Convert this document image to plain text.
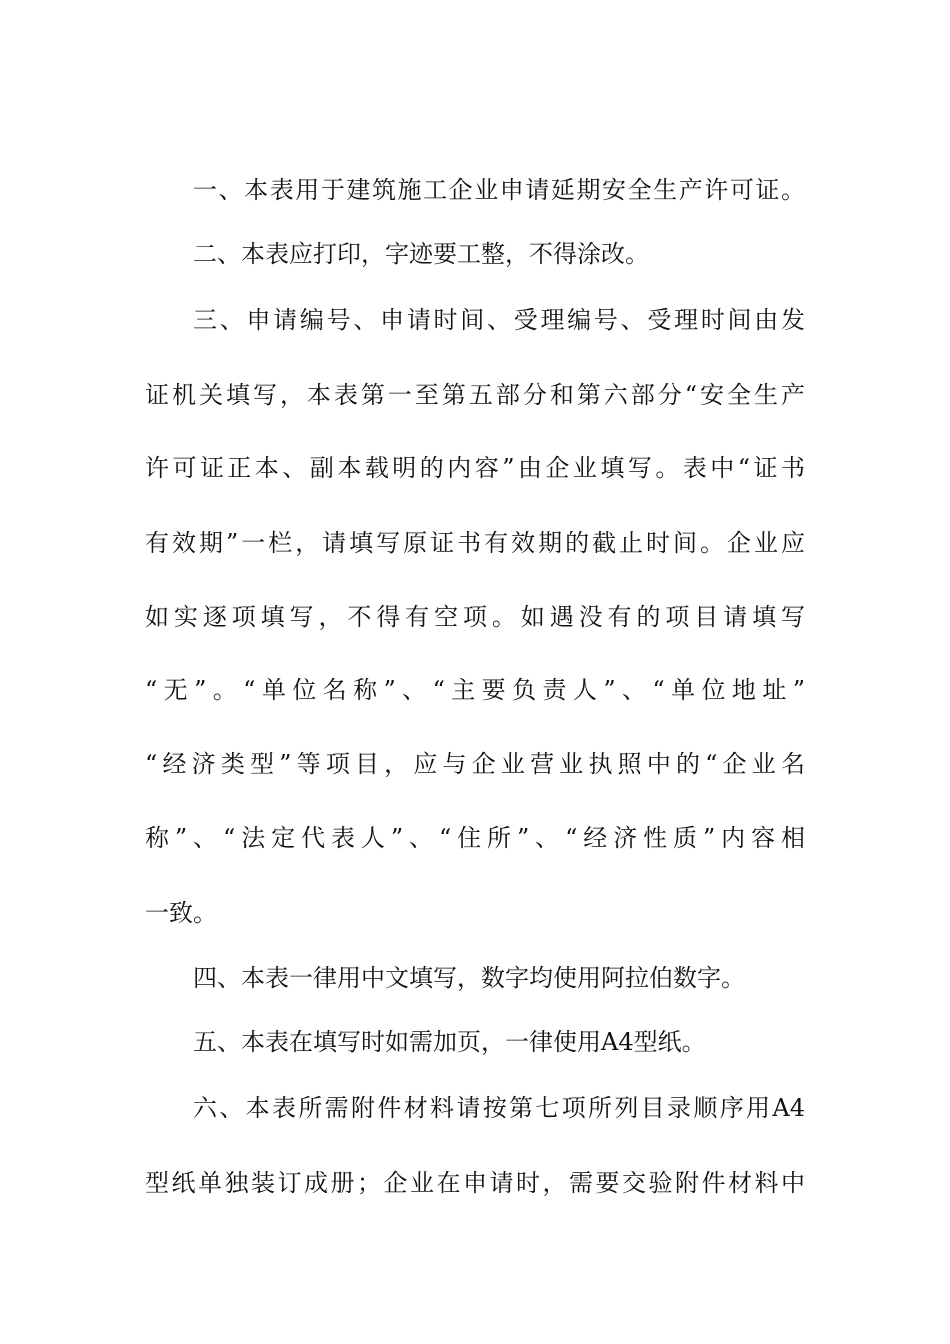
一、本表用于建筑施工企业申请延期安全生产许可证。
二、本表应打印，字迹要工整，不得涂改。
三、申请编号、申请时间、受理编号、受理时间由发
证机关填写，本表第一至第五部分和第六部分“安全生产
许可证正本、副本载明的内容”由企业填写。表中“证书
有效期”一栏，请填写原证书有效期的截止时间。企业应
如实逐项填写，不得有空项。如遇没有的项目请填写
“无”。“单位名称”、“主要负责人”、“单位地址”
“经济类型”等项目，应与企业营业执照中的“企业名
称”、“法定代表人”、“住所”、“经济性质”内容相
一致。
四、本表一律用中文填写，数字均使用阿拉伯数字。
五、本表在填写时如需加页，一律使用A4型纸。
六、本表所需附件材料请按第七项所列目录顺序用A4
型纸单独装订成册；企业在申请时，需要交验附件材料中
